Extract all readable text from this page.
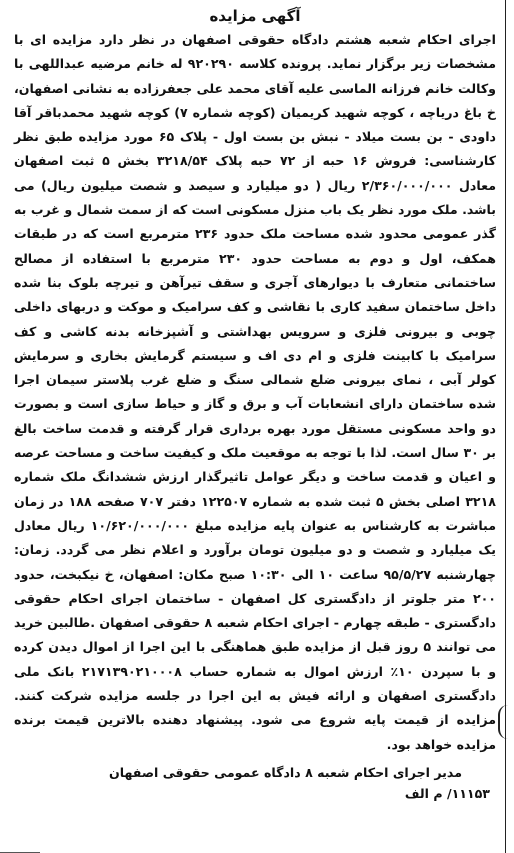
آگهی مزایده

اجرای احکام شعبه هشتم دادگاه حقوقی اصفهان در نظر دارد مزایده ای با مشخصات زیر برگزار نماید. پرونده کلاسه ۹۲۰۲۹۰ له خانم مرضیه عبداللهی با وکالت خانم فرزانه الماسی علیه آقای محمد علی جعفرزاده به نشانی اصفهان، خ باغ دریاچه ، کوچه شهید کریمیان (کوچه شماره ۷) کوچه شهید محمدباقر آقا داودی - بن بست میلاد - نبش بن بست اول - پلاک ۶۵ مورد مزایده طبق نظر کارشناسی: فروش ۱۶ حبه از ۷۲ حبه پلاک ۳۲۱۸/۵۴ بخش ۵ ثبت اصفهان معادل ۲/۳۶۰/۰۰۰/۰۰۰ ریال ( دو میلیارد و سیصد و شصت میلیون ریال) می باشد. ملک مورد نظر یک باب منزل مسکونی است که از سمت شمال و غرب به گذر عمومی محدود شده مساحت ملک حدود ۲۳۶ مترمربع است که در طبقات همکف، اول و دوم به مساحت حدود ۲۳۰ مترمربع با استفاده از مصالح ساختمانی متعارف با دیوارهای آجری و سقف تیرآهن و تیرچه بلوک بنا شده داخل ساختمان سفید کاری با نقاشی و کف سرامیک و موکت و دربهای داخلی چوبی و بیرونی فلزی و سرویس بهداشتی و آشپزخانه بدنه کاشی و کف سرامیک با کابینت فلزی و ام دی اف و سیستم گرمایش بخاری و سرمایش کولر آبی ، نمای بیرونی ضلع شمالی سنگ و ضلع غرب پلاستر سیمان اجرا شده ساختمان دارای انشعابات آب و برق و گاز و حیاط سازی است و بصورت دو واحد مسکونی مستقل مورد بهره برداری قرار گرفته و قدمت ساخت بالغ بر ۳۰ سال است. لذا با توجه به موقعیت ملک و کیفیت ساخت و مساحت عرصه و اعیان و قدمت ساخت و دیگر عوامل تاثیرگذار ارزش ششدانگ ملک شماره ۳۲۱۸ اصلی بخش ۵ ثبت شده به شماره ۱۲۲۵۰۷ دفتر ۷۰۷ صفحه ۱۸۸ در زمان مباشرت به کارشناس به عنوان پایه مزایده مبلغ ۱۰/۶۲۰/۰۰۰/۰۰۰ ریال معادل یک میلیارد و شصت و دو میلیون تومان برآورد و اعلام نظر می گردد. زمان: چهارشنبه ۹۵/۵/۲۷ ساعت ۱۰ الی ۱۰:۳۰ صبح مکان: اصفهان، خ نیکبخت، حدود ۲۰۰ متر جلوتر از دادگستری کل اصفهان - ساختمان اجرای احکام حقوقی دادگستری - طبقه چهارم - اجرای احکام شعبه ۸ حقوقی اصفهان .طالبین خرید می توانند ۵ روز قبل از مزایده طبق هماهنگی با این اجرا از اموال دیدن کرده و با سپردن ۱۰٪ ارزش اموال به شماره حساب ۲۱۷۱۳۹۰۲۱۰۰۰۸ بانک ملی دادگستری اصفهان و ارائه فیش به این اجرا در جلسه مزایده شرکت کنند. مزایده از قیمت پایه شروع می شود. پیشنهاد دهنده بالاترین قیمت برنده مزایده خواهد بود.

مدیر اجرای احکام شعبه ۸ دادگاه عمومی حقوقی اصفهان
۱۱۱۵۳/ م الف
